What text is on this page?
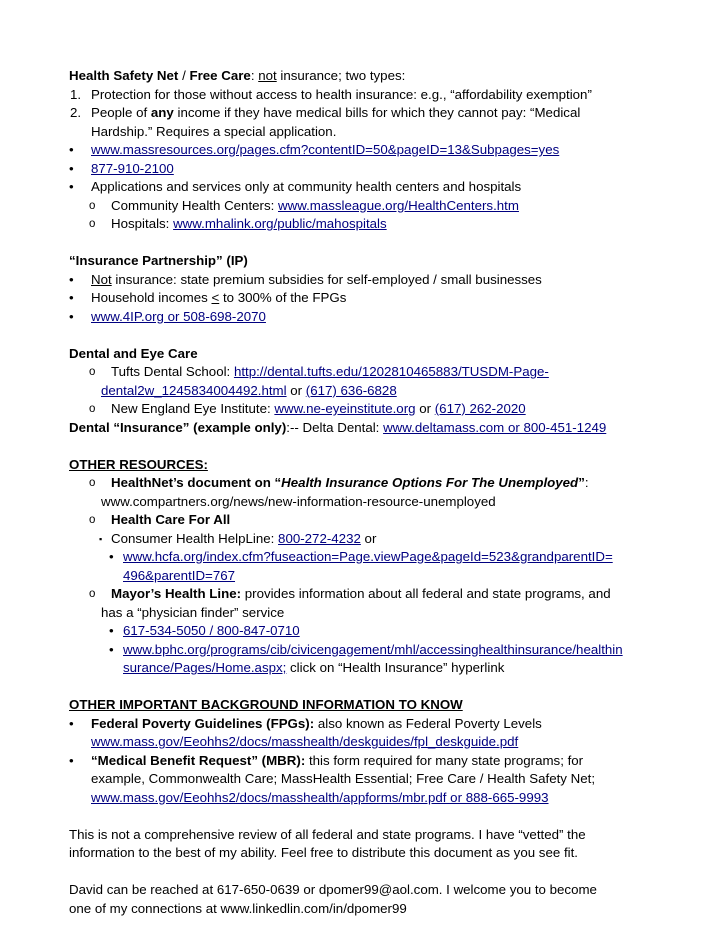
Health Safety Net / Free Care: not insurance; two types:
1. Protection for those without access to health insurance: e.g., “affordability exemption”
2. People of any income if they have medical bills for which they cannot pay: “Medical
Hardship.” Requires a special application.
• www.massresources.org/pages.cfm?contentID=50&pageID=13&Subpages=yes
• 877-910-2100
• Applications and services only at community health centers and hospitals
o Community Health Centers: www.massleague.org/HealthCenters.htm
o Hospitals: www.mhalink.org/public/mahospitals
“Insurance Partnership” (IP)
• Not insurance: state premium subsidies for self-employed / small businesses
• Household incomes < to 300% of the FPGs
• www.4IP.org or 508-698-2070
Dental and Eye Care
o Tufts Dental School: http://dental.tufts.edu/1202810465883/TUSDM-Page-
dental2w_1245834004492.html or (617) 636-6828
o New England Eye Institute: www.ne-eyeinstitute.org or (617) 262-2020
Dental “Insurance” (example only):-- Delta Dental: www.deltamass.com or 800-451-1249
OTHER RESOURCES:
o HealthNet’s document on “Health Insurance Options For The Unemployed”:
www.compartners.org/news/new-information-resource-unemployed
o Health Care For All
▪ Consumer Health HelpLine: 800-272-4232 or
• www.hcfa.org/index.cfm?fuseaction=Page.viewPage&pageId=523&grandparentID=
496&parentID=767
o Mayor’s Health Line: provides information about all federal and state programs, and
has a “physician finder” service
• 617-534-5050 / 800-847-0710
• www.bphc.org/programs/cib/civicengagement/mhl/accessinghealthinsurance/healthin
surance/Pages/Home.aspx; click on “Health Insurance” hyperlink
OTHER IMPORTANT BACKGROUND INFORMATION TO KNOW
• Federal Poverty Guidelines (FPGs): also known as Federal Poverty Levels
www.mass.gov/Eeohhs2/docs/masshealth/deskguides/fpl_deskguide.pdf
• “Medical Benefit Request” (MBR): this form required for many state programs; for
example, Commonwealth Care; MassHealth Essential; Free Care / Health Safety Net;
www.mass.gov/Eeohhs2/docs/masshealth/appforms/mbr.pdf or 888-665-9993
This is not a comprehensive review of all federal and state programs. I have “vetted” the
information to the best of my ability. Feel free to distribute this document as you see fit.
David can be reached at 617-650-0639 or dpomer99@aol.com. I welcome you to become
one of my connections at www.linkedlin.com/in/dpomer99
